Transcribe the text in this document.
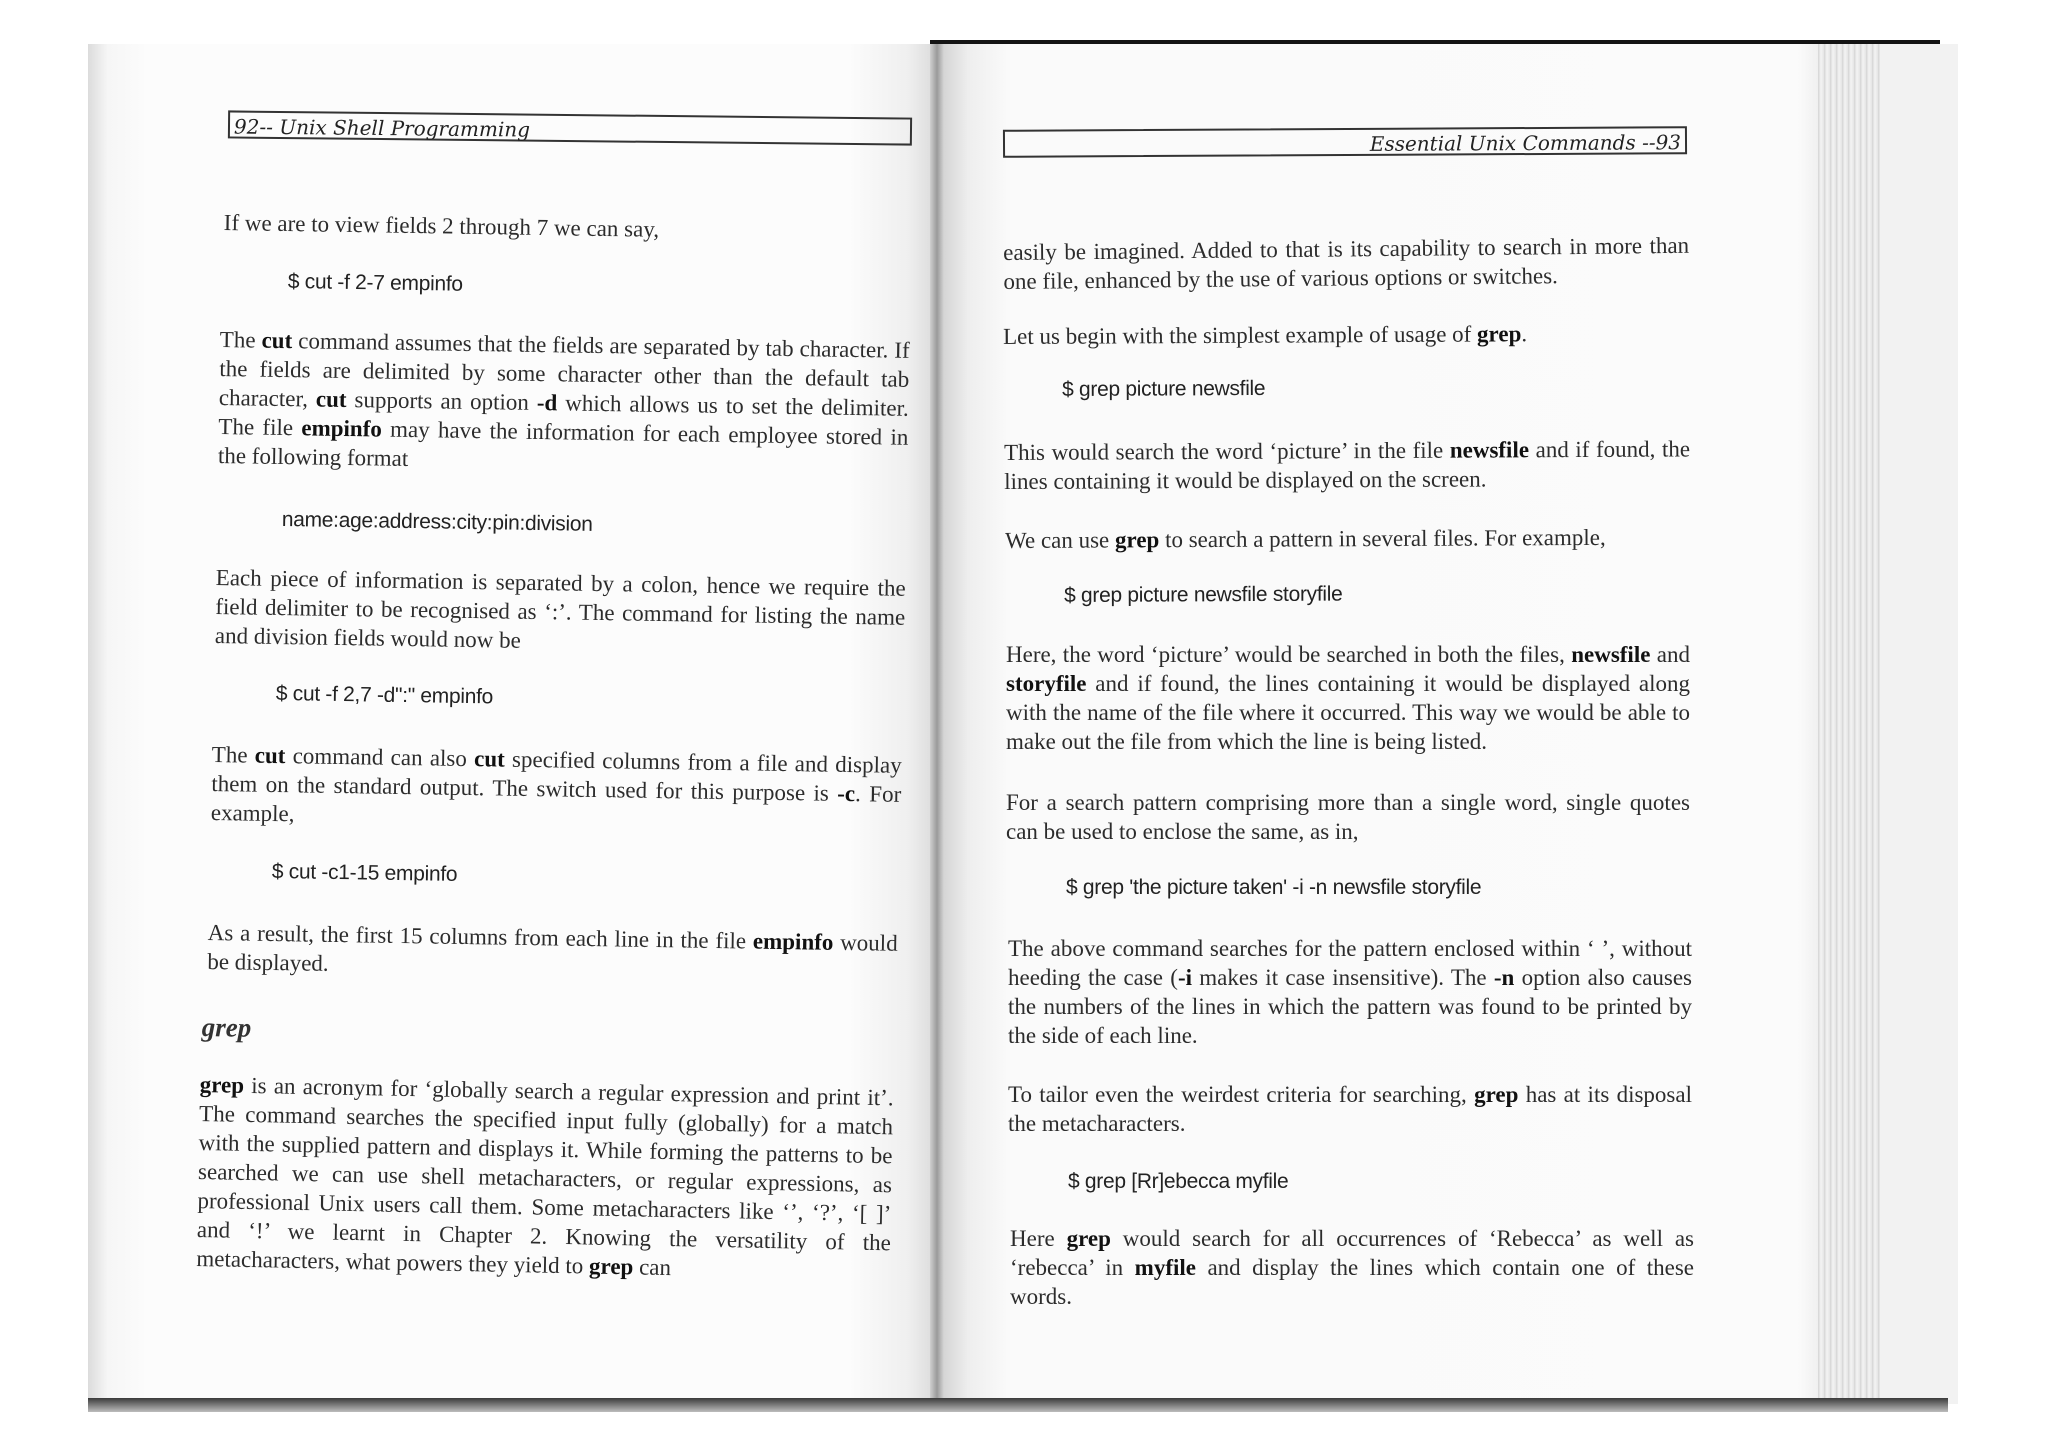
92-- Unix Shell Programming
If we are to view fields 2 through 7 we can say,
$ cut -f 2-7 empinfo
The cut command assumes that the fields are separated by tab character. If the fields are delimited by some character other than the default tab character, cut supports an option -d which allows us to set the delimiter. The file empinfo may have the information for each employee stored in the following format
name:age:address:city:pin:division
Each piece of information is separated by a colon, hence we require the field delimiter to be recognised as ‘:’. The command for listing the name and division fields would now be
$ cut -f 2,7 -d":" empinfo
The cut command can also cut specified columns from a file and display them on the standard output. The switch used for this purpose is -c. For example,
$ cut -c1-15 empinfo
As a result, the first 15 columns from each line in the file empinfo would be displayed.
grep
grep is an acronym for ‘globally search a regular expression and print it’. The command searches the specified input fully (globally) for a match with the supplied pattern and displays it. While forming the patterns to be searched we can use shell metacharacters, or regular expressions, as professional Unix users call them. Some metacharacters like ‘’, ‘?’, ‘[ ]’ and ‘!’ we learnt in Chapter 2. Knowing the versatility of the metacharacters, what powers they yield to grep can
Essential Unix Commands --93
easily be imagined. Added to that is its capability to search in more than one file, enhanced by the use of various options or switches.
Let us begin with the simplest example of usage of grep.
$ grep picture newsfile
This would search the word ‘picture’ in the file newsfile and if found, the lines containing it would be displayed on the screen.
We can use grep to search a pattern in several files. For example,
$ grep picture newsfile storyfile
Here, the word ‘picture’ would be searched in both the files, newsfile and storyfile and if found, the lines containing it would be displayed along with the name of the file where it occurred. This way we would be able to make out the file from which the line is being listed.
For a search pattern comprising more than a single word, single quotes can be used to enclose the same, as in,
$ grep 'the picture taken' -i -n newsfile storyfile
The above command searches for the pattern enclosed within ‘ ’, without heeding the case (-i makes it case insensitive). The -n option also causes the numbers of the lines in which the pattern was found to be printed by the side of each line.
To tailor even the weirdest criteria for searching, grep has at its disposal the metacharacters.
$ grep [Rr]ebecca myfile
Here grep would search for all occurrences of ‘Rebecca’ as well as ‘rebecca’ in myfile and display the lines which contain one of these words.
